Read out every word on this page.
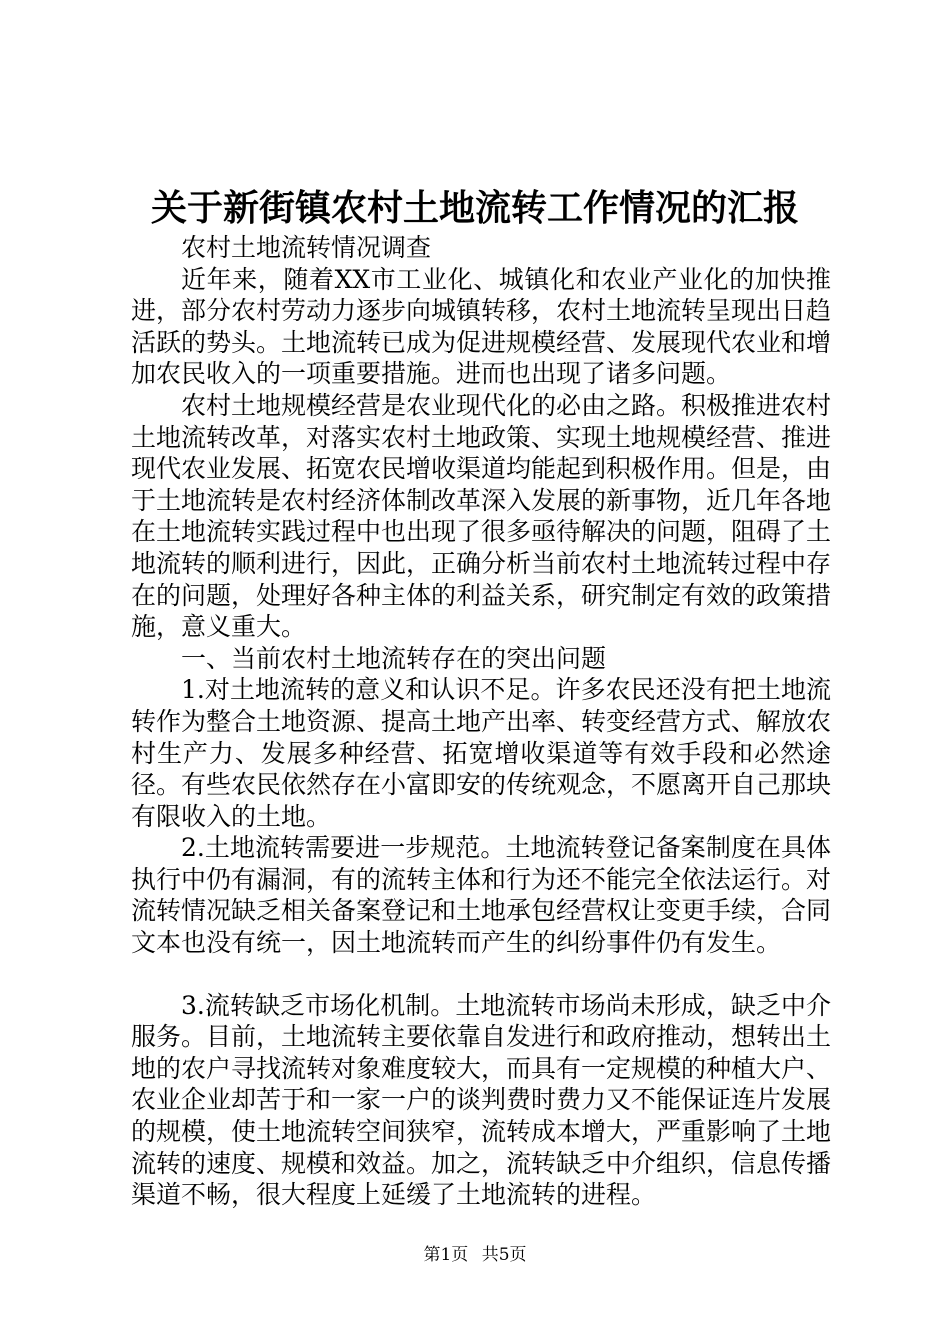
关于新街镇农村土地流转工作情况的汇报

农村土地流转情况调查

近年来，随着XX市工业化、城镇化和农业产业化的加快推进，部分农村劳动力逐步向城镇转移，农村土地流转呈现出日趋活跃的势头。土地流转已成为促进规模经营、发展现代农业和增加农民收入的一项重要措施。进而也出现了诸多问题。

农村土地规模经营是农业现代化的必由之路。积极推进农村土地流转改革，对落实农村土地政策、实现土地规模经营、推进现代农业发展、拓宽农民增收渠道均能起到积极作用。但是，由于土地流转是农村经济体制改革深入发展的新事物，近几年各地在土地流转实践过程中也出现了很多亟待解决的问题，阻碍了土地流转的顺利进行，因此，正确分析当前农村土地流转过程中存在的问题，处理好各种主体的利益关系，研究制定有效的政策措施，意义重大。

一、当前农村土地流转存在的突出问题

1.对土地流转的意义和认识不足。许多农民还没有把土地流转作为整合土地资源、提高土地产出率、转变经营方式、解放农村生产力、发展多种经营、拓宽增收渠道等有效手段和必然途径。有些农民依然存在小富即安的传统观念，不愿离开自己那块有限收入的土地。

2.土地流转需要进一步规范。土地流转登记备案制度在具体执行中仍有漏洞，有的流转主体和行为还不能完全依法运行。对流转情况缺乏相关备案登记和土地承包经营权让变更手续，合同文本也没有统一，因土地流转而产生的纠纷事件仍有发生。

3.流转缺乏市场化机制。土地流转市场尚未形成，缺乏中介服务。目前，土地流转主要依靠自发进行和政府推动，想转出土地的农户寻找流转对象难度较大，而具有一定规模的种植大户、农业企业却苦于和一家一户的谈判费时费力又不能保证连片发展的规模，使土地流转空间狭窄，流转成本增大，严重影响了土地流转的速度、规模和效益。加之，流转缺乏中介组织，信息传播渠道不畅，很大程度上延缓了土地流转的进程。

第1页 共5页
